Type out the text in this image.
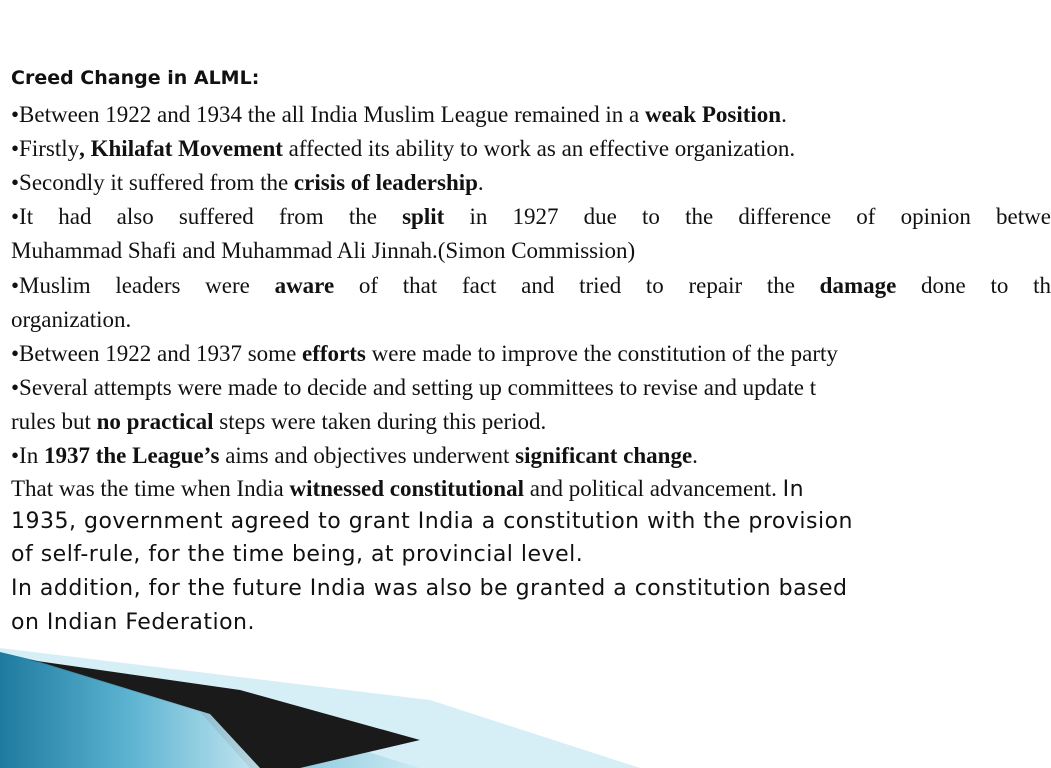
Creed Change in ALML:

•Between 1922 and 1934 the all India Muslim League remained in a weak Position.

•Firstly, Khilafat Movement affected its ability to work as an effective organization.

•Secondly it suffered from the crisis of leadership.

•It had also suffered from the split in 1927 due to the difference of opinion betwe

Muhammad Shafi and Muhammad Ali Jinnah.(Simon Commission)

•Muslim leaders were aware of that fact and tried to repair the damage done to th

organization.

•Between 1922 and 1937 some efforts were made to improve the constitution of the party

•Several attempts were made to decide and setting up committees to revise and update t

rules but no practical steps were taken during this period.

•In 1937 the League’s aims and objectives underwent significant change.

That was the time when India witnessed constitutional and political advancement. In

1935, government agreed to grant India a constitution with the provision

of self-rule, for the time being, at provincial level.

In addition, for the future India was also be granted a constitution based

on Indian Federation.
